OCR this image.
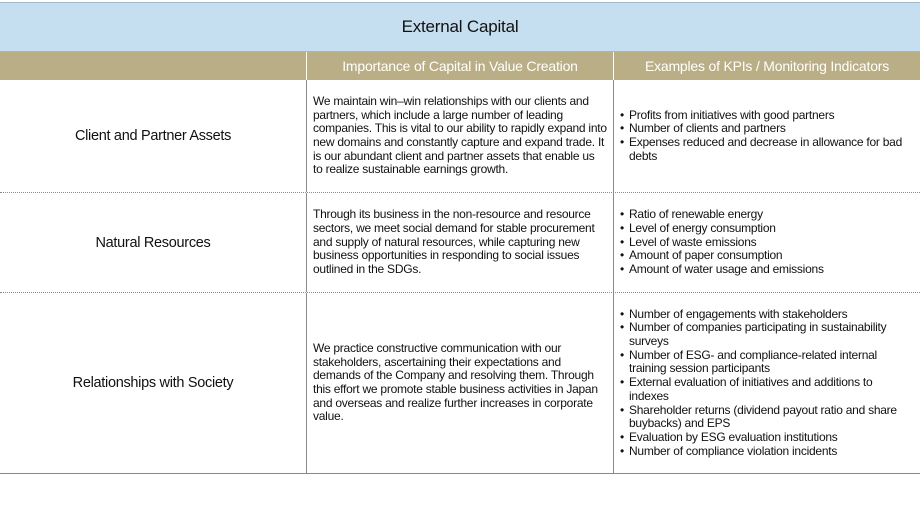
External Capital
Importance of Capital in Value Creation	Examples of KPIs / Monitoring Indicators
Client and Partner Assets
We maintain win–win relationships with our clients and partners, which include a large number of leading companies. This is vital to our ability to rapidly expand into new domains and constantly capture and expand trade. It is our abundant client and partner assets that enable us to realize sustainable earnings growth.
• Profits from initiatives with good partners
• Number of clients and partners
• Expenses reduced and decrease in allowance for bad debts
Natural Resources
Through its business in the non-resource and resource sectors, we meet social demand for stable procurement and supply of natural resources, while capturing new business opportunities in responding to social issues outlined in the SDGs.
• Ratio of renewable energy
• Level of energy consumption
• Level of waste emissions
• Amount of paper consumption
• Amount of water usage and emissions
Relationships with Society
We practice constructive communication with our stakeholders, ascertaining their expectations and demands of the Company and resolving them. Through this effort we promote stable business activities in Japan and overseas and realize further increases in corporate value.
• Number of engagements with stakeholders
• Number of companies participating in sustainability surveys
• Number of ESG- and compliance-related internal training session participants
• External evaluation of initiatives and additions to indexes
• Shareholder returns (dividend payout ratio and share buybacks) and EPS
• Evaluation by ESG evaluation institutions
• Number of compliance violation incidents
